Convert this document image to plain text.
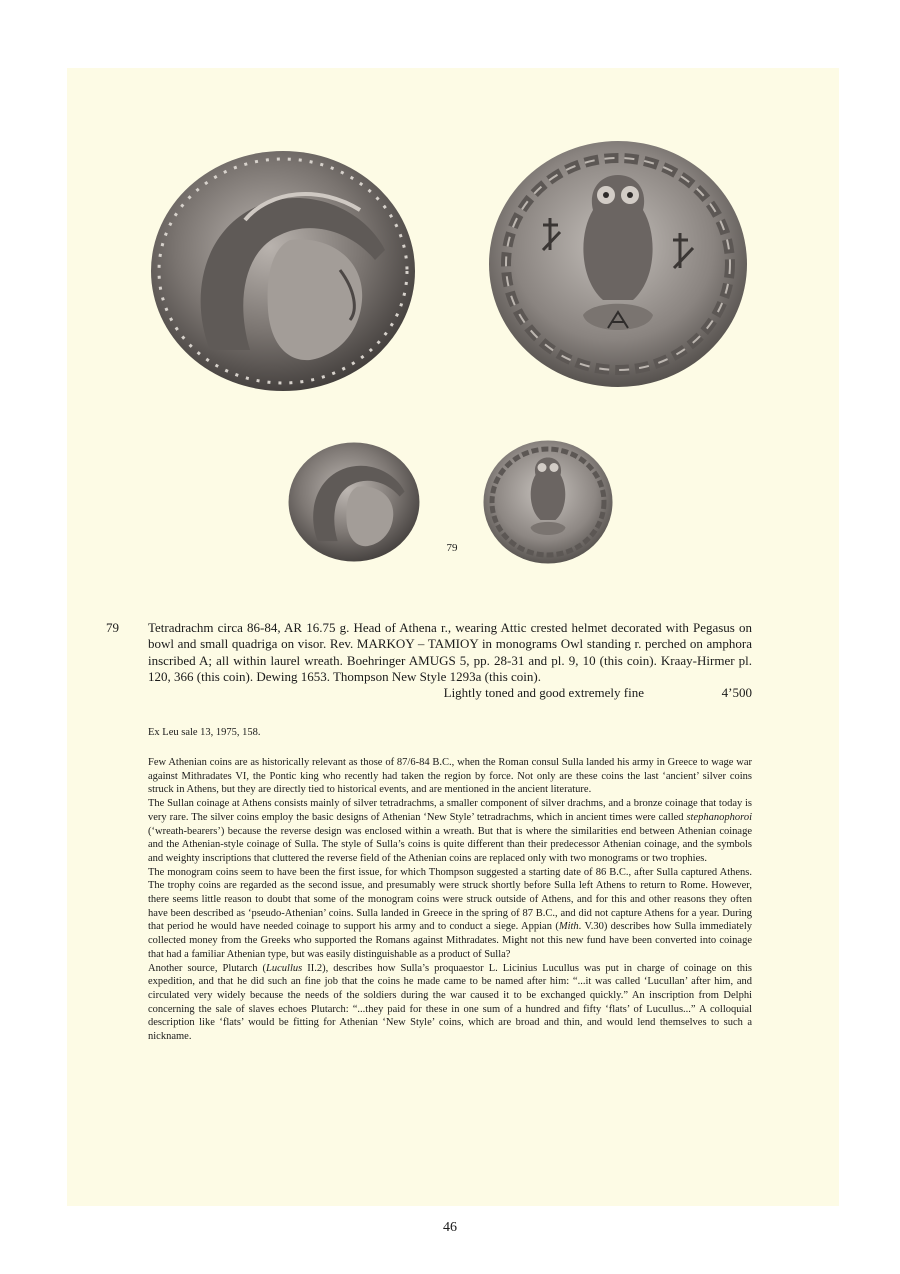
79
79 Tetradrachm circa 86-84, AR 16.75 g. Head of Athena r., wearing Attic crested helmet decorated with Pegasus on bowl and small quadriga on visor. Rev. MARKOY – TAMIOY in monograms Owl standing r. perched on amphora inscribed A; all within laurel wreath. Boehringer AMUGS 5, pp. 28-31 and pl. 9, 10 (this coin). Kraay-Hirmer pl. 120, 366 (this coin). Dewing 1653. Thompson New Style 1293a (this coin).
Lightly toned and good extremely fine	4’500
Ex Leu sale 13, 1975, 158.

Few Athenian coins are as historically relevant as those of 87/6-84 B.C., when the Roman consul Sulla landed his army in Greece to wage war against Mithradates VI, the Pontic king who recently had taken the region by force. Not only are these coins the last ‘ancient’ silver coins struck in Athens, but they are directly tied to historical events, and are mentioned in the ancient literature.

The Sullan coinage at Athens consists mainly of silver tetradrachms, a smaller component of silver drachms, and a bronze coinage that today is very rare. The silver coins employ the basic designs of Athenian ‘New Style’ tetradrachms, which in ancient times were called stephanophoroi (‘wreath-bearers’) because the reverse design was enclosed within a wreath. But that is where the similarities end between Athenian coinage and the Athenian-style coinage of Sulla. The style of Sulla’s coins is quite different than their predecessor Athenian coinage, and the symbols and weighty inscriptions that cluttered the reverse field of the Athenian coins are replaced only with two monograms or two trophies.

The monogram coins seem to have been the first issue, for which Thompson suggested a starting date of 86 B.C., after Sulla captured Athens. The trophy coins are regarded as the second issue, and presumably were struck shortly before Sulla left Athens to return to Rome. However, there seems little reason to doubt that some of the monogram coins were struck outside of Athens, and for this and other reasons they often have been described as ‘pseudo-Athenian’ coins. Sulla landed in Greece in the spring of 87 B.C., and did not capture Athens for a year. During that period he would have needed coinage to support his army and to conduct a siege. Appian (Mith. V.30) describes how Sulla immediately collected money from the Greeks who supported the Romans against Mithradates. Might not this new fund have been converted into coinage that had a familiar Athenian type, but was easily distinguishable as a product of Sulla?

Another source, Plutarch (Lucullus II.2), describes how Sulla’s proquaestor L. Licinius Lucullus was put in charge of coinage on this expedition, and that he did such an fine job that the coins he made came to be named after him: “...it was called ‘Lucullan’ after him, and circulated very widely because the needs of the soldiers during the war caused it to be exchanged quickly.” An inscription from Delphi concerning the sale of slaves echoes Plutarch: “...they paid for these in one sum of a hundred and fifty ‘flats’ of Lucullus...” A colloquial description like ‘flats’ would be fitting for Athenian ‘New Style’ coins, which are broad and thin, and would lend themselves to such a nickname.

46
